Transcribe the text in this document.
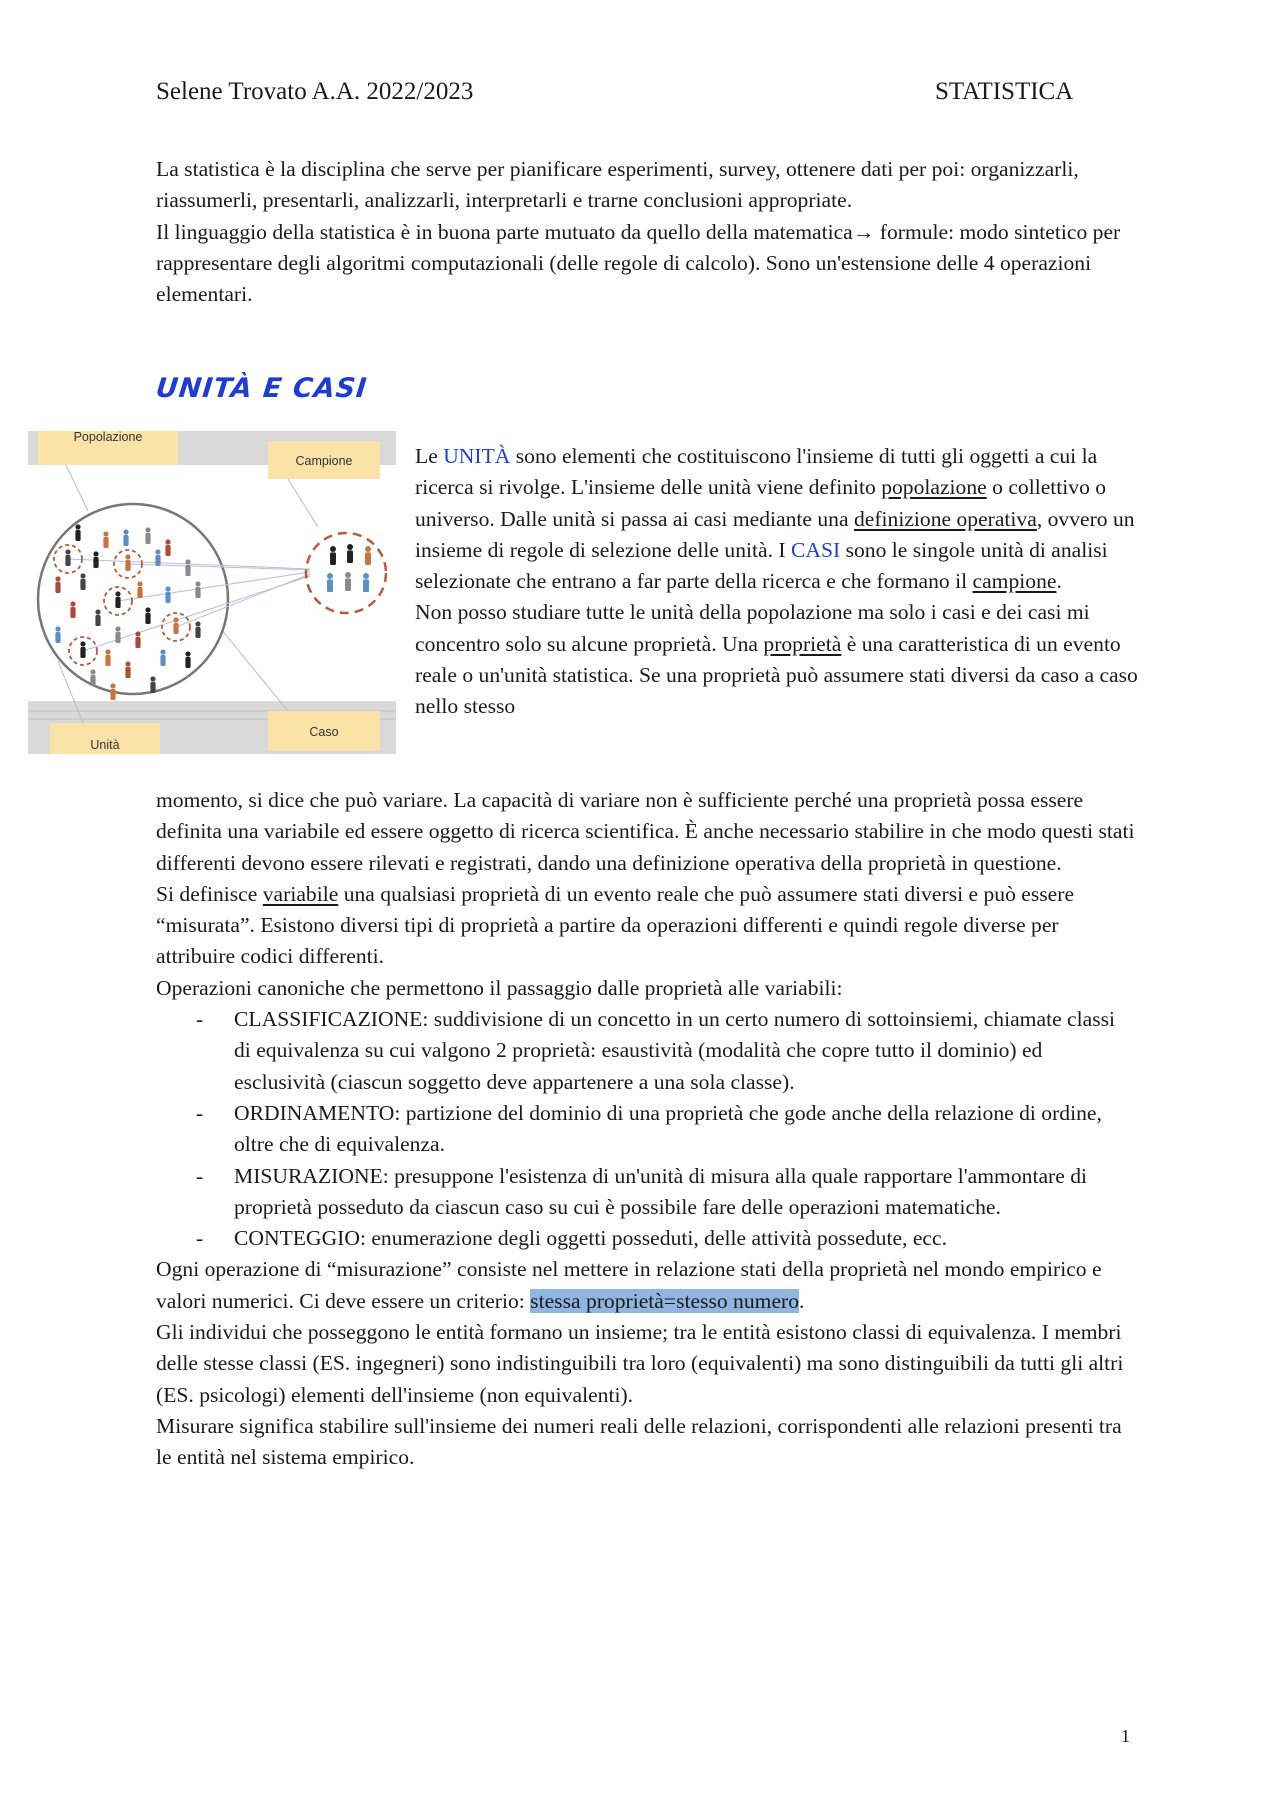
Selene Trovato A.A. 2022/2023	STATISTICA

La statistica è la disciplina che serve per pianificare esperimenti, survey, ottenere dati per poi: organizzarli, riassumerli, presentarli, analizzarli, interpretarli e trarne conclusioni appropriate.

Il linguaggio della statistica è in buona parte mutuato da quello della matematica→ formule: modo sintetico per rappresentare degli algoritmi computazionali (delle regole di calcolo). Sono un'estensione delle 4 operazioni elementari.

UNITÀ E CASI
Popolazione
Campione
Unità
Caso

Le UNITÀ sono elementi che costituiscono l'insieme di tutti gli oggetti a cui la ricerca si rivolge. L'insieme delle unità viene definito popolazione o collettivo o universo. Dalle unità si passa ai casi mediante una definizione operativa, ovvero un insieme di regole di selezione delle unità. I CASI sono le singole unità di analisi selezionate che entrano a far parte della ricerca e che formano il campione.

Non posso studiare tutte le unità della popolazione ma solo i casi e dei casi mi concentro solo su alcune proprietà. Una proprietà è una caratteristica di un evento reale o un'unità statistica. Se una proprietà può assumere stati diversi da caso a caso nello stesso

momento, si dice che può variare. La capacità di variare non è sufficiente perché una proprietà possa essere definita una variabile ed essere oggetto di ricerca scientifica. È anche necessario stabilire in che modo questi stati differenti devono essere rilevati e registrati, dando una definizione operativa della proprietà in questione.

Si definisce variabile una qualsiasi proprietà di un evento reale che può assumere stati diversi e può essere “misurata”. Esistono diversi tipi di proprietà a partire da operazioni differenti e quindi regole diverse per attribuire codici differenti.

Operazioni canoniche che permettono il passaggio dalle proprietà alle variabili:

- CLASSIFICAZIONE: suddivisione di un concetto in un certo numero di sottoinsiemi, chiamate classi di equivalenza su cui valgono 2 proprietà: esaustività (modalità che copre tutto il dominio) ed esclusività (ciascun soggetto deve appartenere a una sola classe).
- ORDINAMENTO: partizione del dominio di una proprietà che gode anche della relazione di ordine, oltre che di equivalenza.
- MISURAZIONE: presuppone l'esistenza di un'unità di misura alla quale rapportare l'ammontare di proprietà posseduto da ciascun caso su cui è possibile fare delle operazioni matematiche.
- CONTEGGIO: enumerazione degli oggetti posseduti, delle attività possedute, ecc.

Ogni operazione di “misurazione” consiste nel mettere in relazione stati della proprietà nel mondo empirico e valori numerici. Ci deve essere un criterio: stessa proprietà=stesso numero.

Gli individui che posseggono le entità formano un insieme; tra le entità esistono classi di equivalenza. I membri delle stesse classi (ES. ingegneri) sono indistinguibili tra loro (equivalenti) ma sono distinguibili da tutti gli altri (ES. psicologi) elementi dell'insieme (non equivalenti).

Misurare significa stabilire sull'insieme dei numeri reali delle relazioni, corrispondenti alle relazioni presenti tra le entità nel sistema empirico.

1
